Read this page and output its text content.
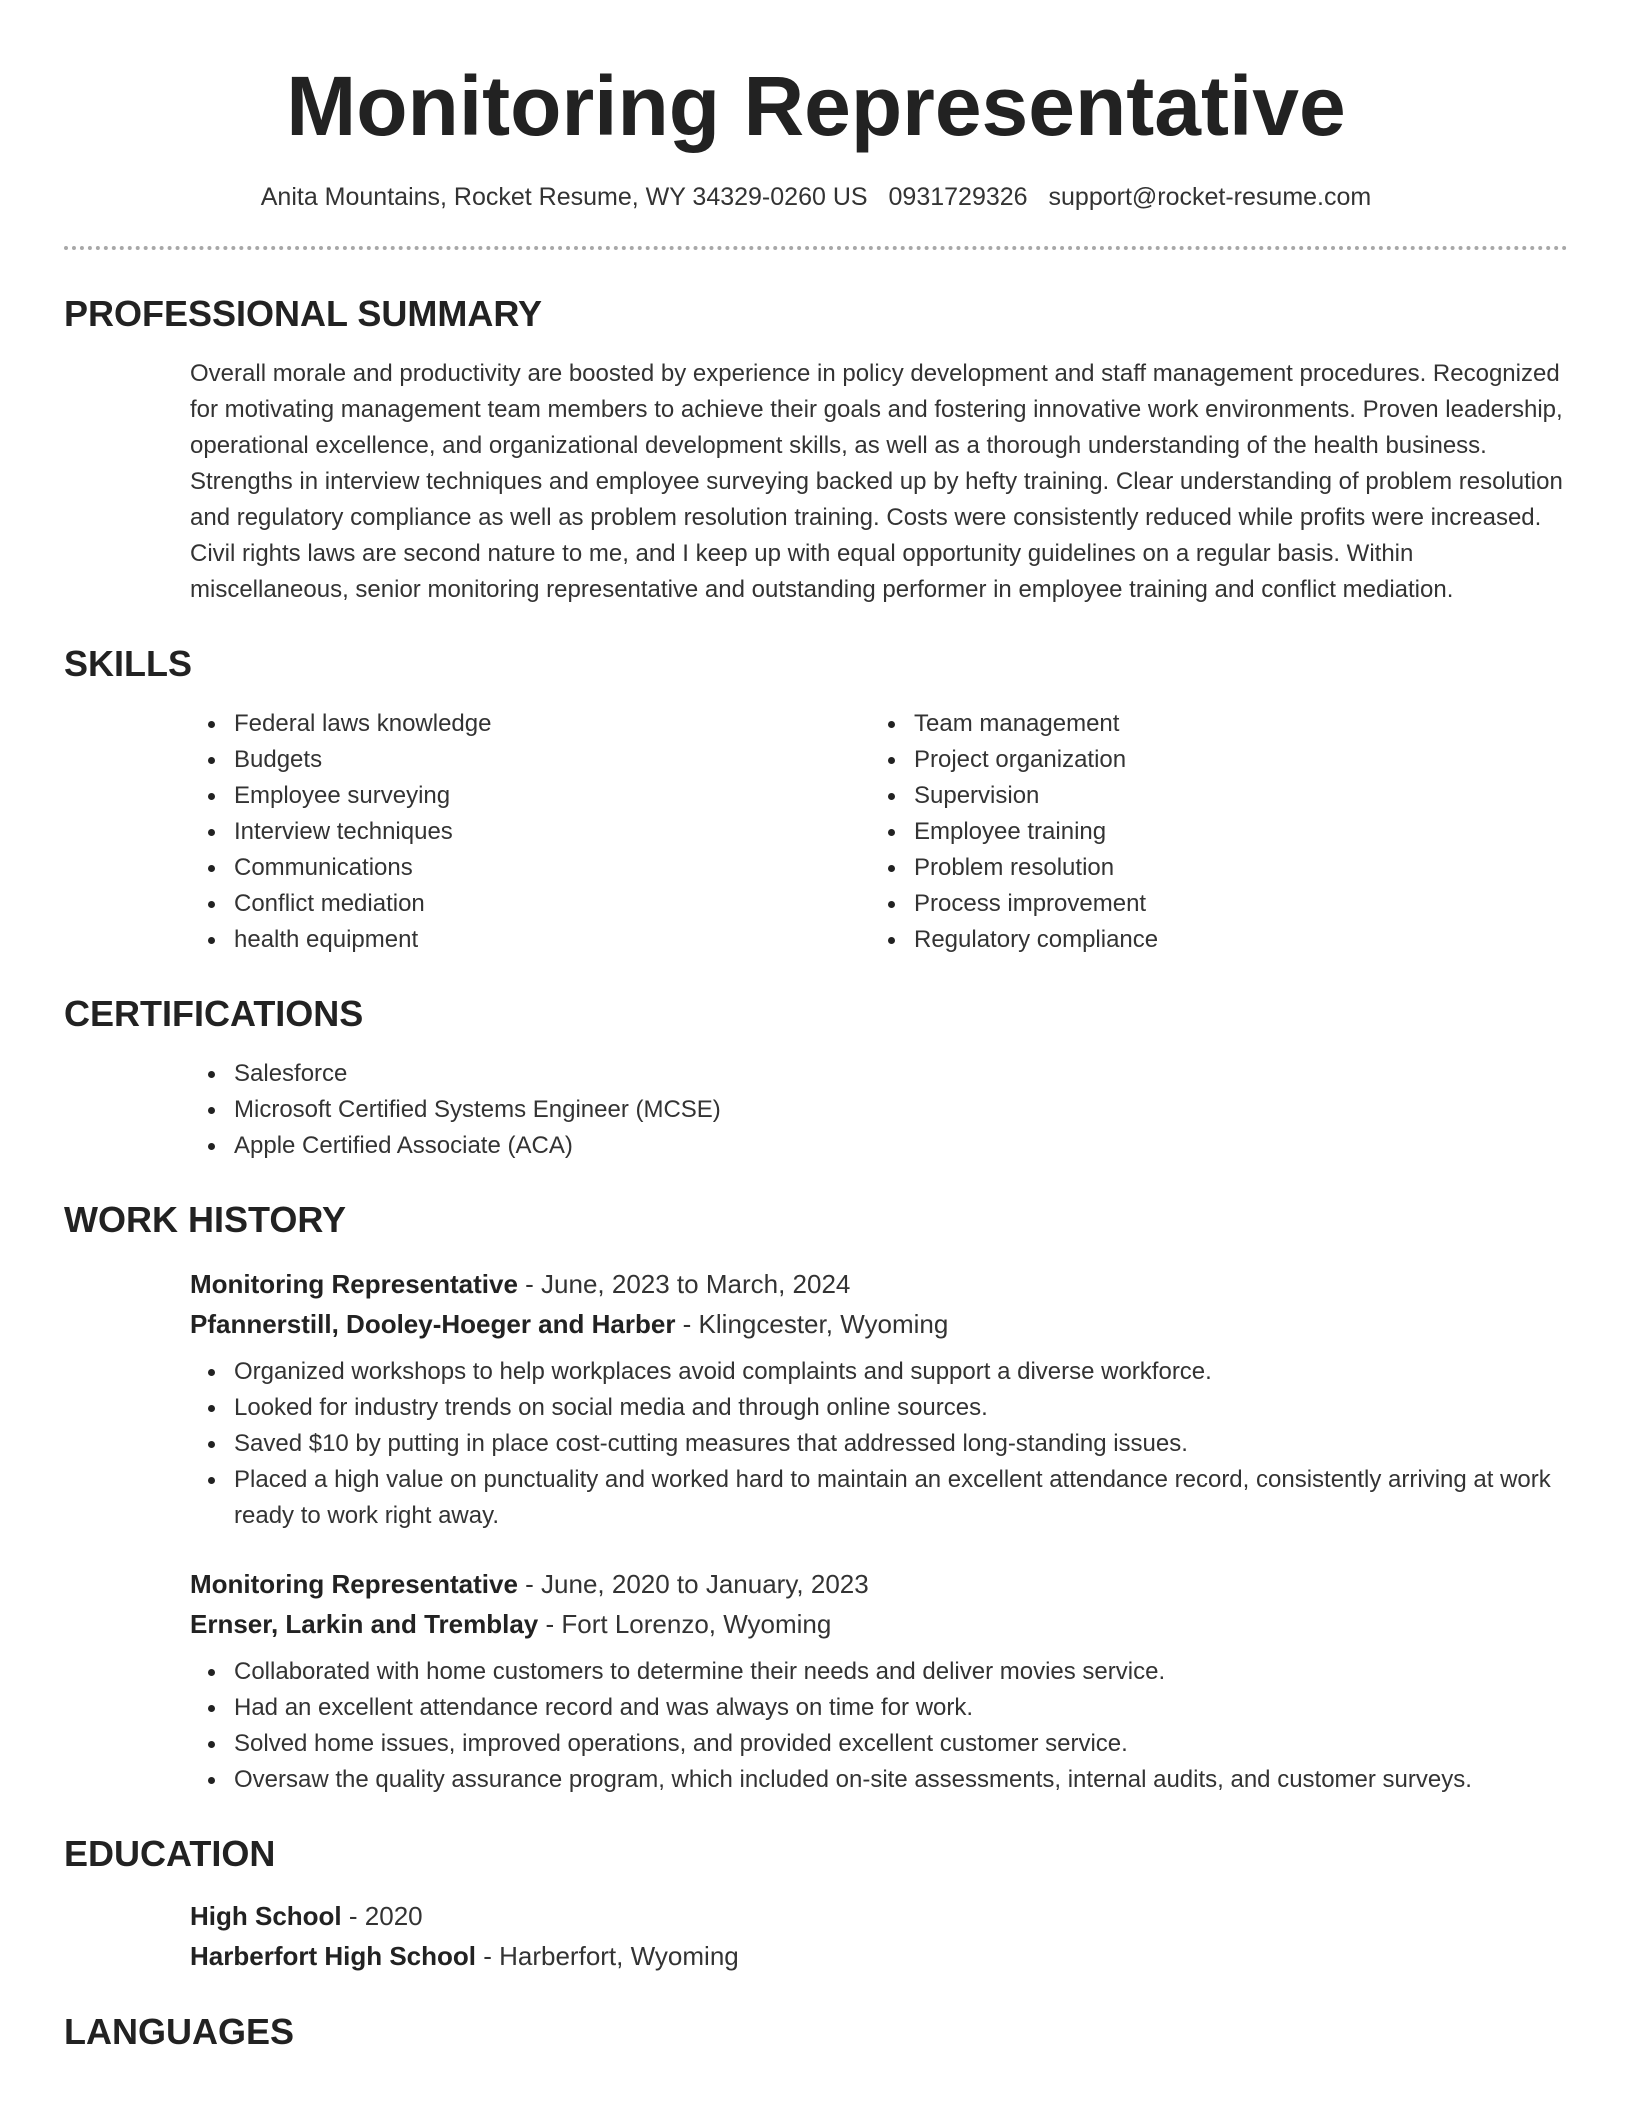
Monitoring Representative
Anita Mountains, Rocket Resume, WY 34329-0260 US 0931729326 support@rocket-resume.com
PROFESSIONAL SUMMARY

Overall morale and productivity are boosted by experience in policy development and staff management procedures. Recognized for motivating management team members to achieve their goals and fostering innovative work environments. Proven leadership, operational excellence, and organizational development skills, as well as a thorough understanding of the health business. Strengths in interview techniques and employee surveying backed up by hefty training. Clear understanding of problem resolution and regulatory compliance as well as problem resolution training. Costs were consistently reduced while profits were increased. Civil rights laws are second nature to me, and I keep up with equal opportunity guidelines on a regular basis. Within miscellaneous, senior monitoring representative and outstanding performer in employee training and conflict mediation.

SKILLS
Federal laws knowledge
Budgets
Employee surveying
Interview techniques
Communications
Conflict mediation
health equipment
Team management
Project organization
Supervision
Employee training
Problem resolution
Process improvement
Regulatory compliance
CERTIFICATIONS
Salesforce
Microsoft Certified Systems Engineer (MCSE)
Apple Certified Associate (ACA)
WORK HISTORY
Monitoring Representative - June, 2023 to March, 2024
Pfannerstill, Dooley-Hoeger and Harber - Klingcester, Wyoming
Organized workshops to help workplaces avoid complaints and support a diverse workforce.
Looked for industry trends on social media and through online sources.
Saved $10 by putting in place cost-cutting measures that addressed long-standing issues.
Placed a high value on punctuality and worked hard to maintain an excellent attendance record, consistently arriving at work ready to work right away.
Monitoring Representative - June, 2020 to January, 2023
Ernser, Larkin and Tremblay - Fort Lorenzo, Wyoming
Collaborated with home customers to determine their needs and deliver movies service.
Had an excellent attendance record and was always on time for work.
Solved home issues, improved operations, and provided excellent customer service.
Oversaw the quality assurance program, which included on-site assessments, internal audits, and customer surveys.
EDUCATION
High School - 2020
Harberfort High School - Harberfort, Wyoming
LANGUAGES
